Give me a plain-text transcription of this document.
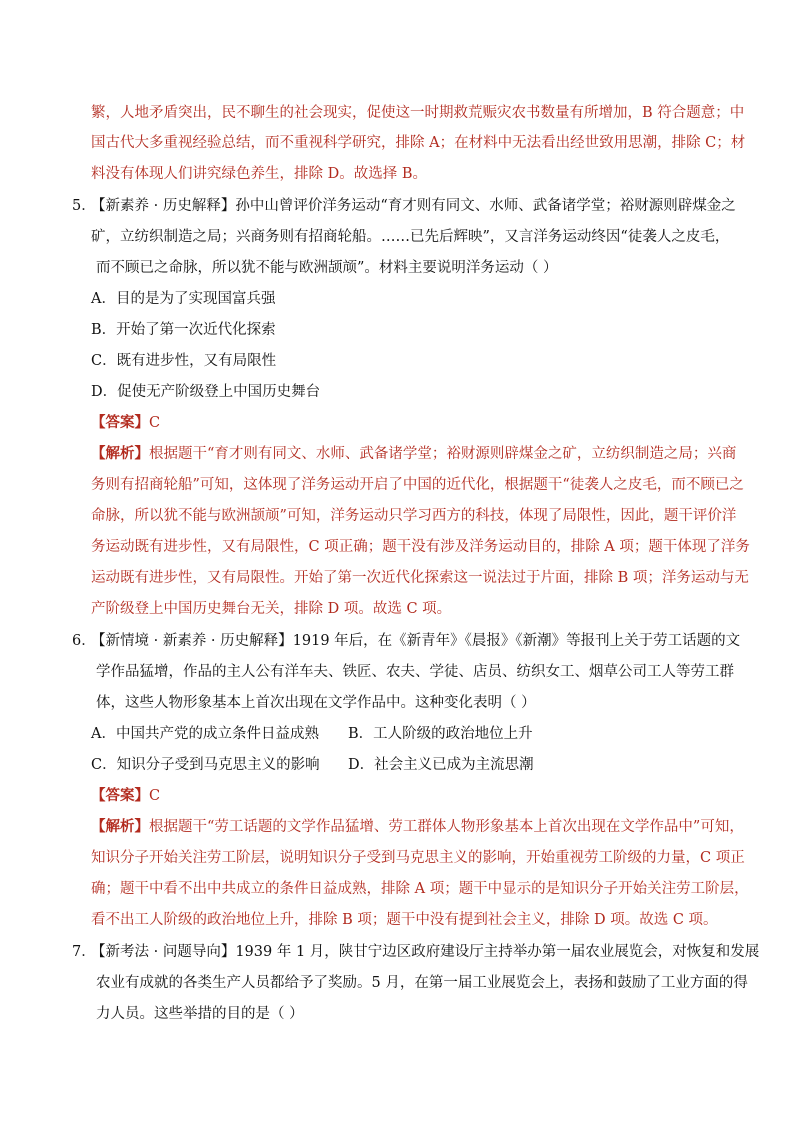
繁，人地矛盾突出，民不聊生的社会现实，促使这一时期救荒赈灾农书数量有所增加，B 符合题意；中
国古代大多重视经验总结，而不重视科学研究，排除 A；在材料中无法看出经世致用思潮，排除 C；材
料没有体现人们讲究绿色养生，排除 D。故选择 B。
5．
【新素养 · 历史解释】孙中山曾评价洋务运动“育才则有同文、水师、武备诸学堂；裕财源则辟煤金之
矿，立纺织制造之局；兴商务则有招商轮船。……已先后辉映”，又言洋务运动终因“徒袭人之皮毛，
而不顾已之命脉，所以犹不能与欧洲颉颃”。材料主要说明洋务运动（ ）
A．目的是为了实现国富兵强
B．开始了第一次近代化探索
C．既有进步性，又有局限性
D．促使无产阶级登上中国历史舞台
【答案】C
【解析】根据题干“育才则有同文、水师、武备诸学堂；裕财源则辟煤金之矿，立纺织制造之局；兴商
务则有招商轮船”可知，这体现了洋务运动开启了中国的近代化，根据题干“徒袭人之皮毛，而不顾已之
命脉，所以犹不能与欧洲颉颃”可知，洋务运动只学习西方的科技，体现了局限性，因此，题干评价洋
务运动既有进步性，又有局限性，C 项正确；题干没有涉及洋务运动目的，排除 A 项；题干体现了洋务
运动既有进步性，又有局限性。开始了第一次近代化探索这一说法过于片面，排除 B 项；洋务运动与无
产阶级登上中国历史舞台无关，排除 D 项。故选 C 项。
6．
【新情境 · 新素养 · 历史解释】1919 年后，在《新青年》《晨报》《新潮》等报刊上关于劳工话题的文
学作品猛增，作品的主人公有洋车夫、铁匠、农夫、学徒、店员、纺织女工、烟草公司工人等劳工群
体，这些人物形象基本上首次出现在文学作品中。这种变化表明（ ）
A．中国共产党的成立条件日益成熟 B．工人阶级的政治地位上升
C．知识分子受到马克思主义的影响 D．社会主义已成为主流思潮
【答案】C
【解析】根据题干“劳工话题的文学作品猛增、劳工群体人物形象基本上首次出现在文学作品中”可知，
知识分子开始关注劳工阶层，说明知识分子受到马克思主义的影响，开始重视劳工阶级的力量，C 项正
确；题干中看不出中共成立的条件日益成熟，排除 A 项；题干中显示的是知识分子开始关注劳工阶层，
看不出工人阶级的政治地位上升，排除 B 项；题干中没有提到社会主义，排除 D 项。故选 C 项。
7．
【新考法 · 问题导向】1939 年 1 月，陕甘宁边区政府建设厅主持举办第一届农业展览会，对恢复和发展
农业有成就的各类生产人员都给予了奖励。5 月，在第一届工业展览会上，表扬和鼓励了工业方面的得
力人员。这些举措的目的是（ ）
